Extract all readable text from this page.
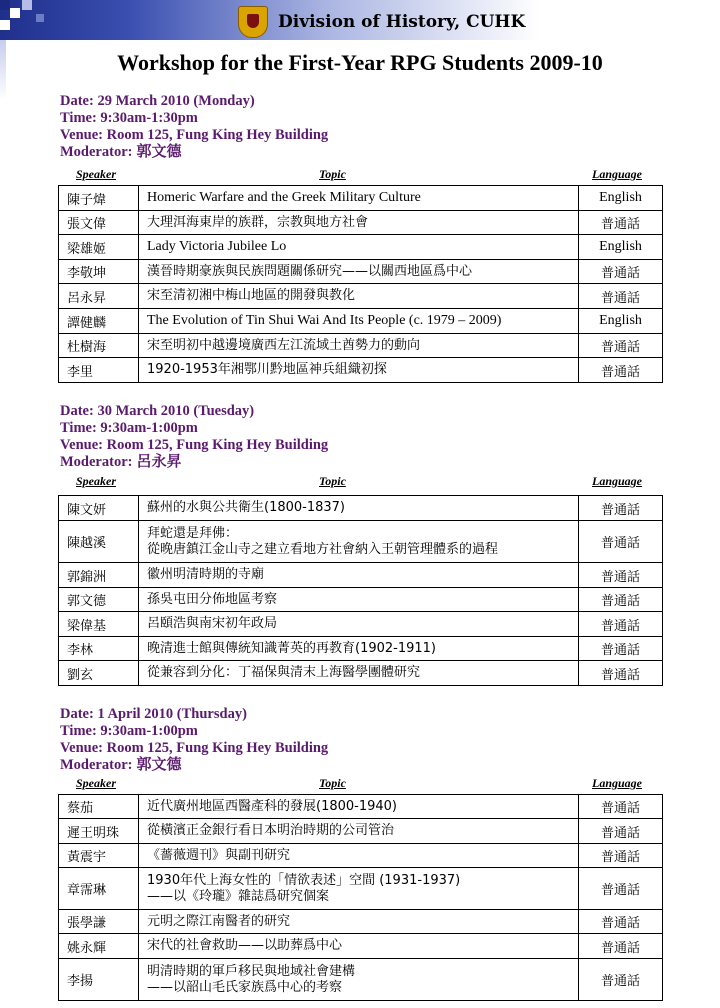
Division of History, CUHK
Workshop for the First-Year RPG Students 2009-10
Date: 29 March 2010 (Monday)
Time: 9:30am-1:30pm
Venue: Room 125, Fung King Hey Building
Moderator: 郭文德
Speaker	Topic	Language
陳子煒	Homeric Warfare and the Greek Military Culture	English
張文偉	大理洱海東岸的族群，宗教與地方社會	普通話
梁雄姬	Lady Victoria Jubilee Lo	English
李敬坤	漢晉時期豪族與民族問題關係研究——以關西地區爲中心	普通話
呂永昇	宋至清初湘中梅山地區的開發與教化	普通話
譚健麟	The Evolution of Tin Shui Wai And Its People (c. 1979 – 2009)	English
杜樹海	宋至明初中越邊境廣西左江流域土酋勢力的動向	普通話
李里	1920-1953年湘鄂川黔地區神兵組織初探	普通話
Date: 30 March 2010 (Tuesday)
Time: 9:30am-1:00pm
Venue: Room 125, Fung King Hey Building
Moderator: 呂永昇
Speaker	Topic	Language
陳文妍	蘇州的水與公共衛生(1800-1837)	普通話
陳越溪	拜蛇還是拜佛：
從晚唐鎮江金山寺之建立看地方社會納入王朝管理體系的過程	普通話
郭錦洲	徽州明清時期的寺廟	普通話
郭文德	孫吳屯田分佈地區考察	普通話
梁偉基	呂頤浩與南宋初年政局	普通話
李林	晚清進士館與傳統知識菁英的再教育(1902-1911)	普通話
劉玄	從兼容到分化：丁福保與清末上海醫學團體研究	普通話
Date: 1 April 2010 (Thursday)
Time: 9:30am-1:00pm
Venue: Room 125, Fung King Hey Building
Moderator: 郭文德
Speaker	Topic	Language
蔡茄	近代廣州地區西醫產科的發展(1800-1940)	普通話
遲王明珠	從橫濱正金銀行看日本明治時期的公司管治	普通話
黃震宇	《薔薇週刊》與副刊研究	普通話
章霈琳	1930年代上海女性的「情欲表述」空間 (1931-1937)
——以《玲瓏》雜誌爲研究個案	普通話
張學謙	元明之際江南醫者的研究	普通話
姚永輝	宋代的社會救助——以助葬爲中心	普通話
李揚	明清時期的軍戶移民與地域社會建構
——以韶山毛氏家族爲中心的考察	普通話
